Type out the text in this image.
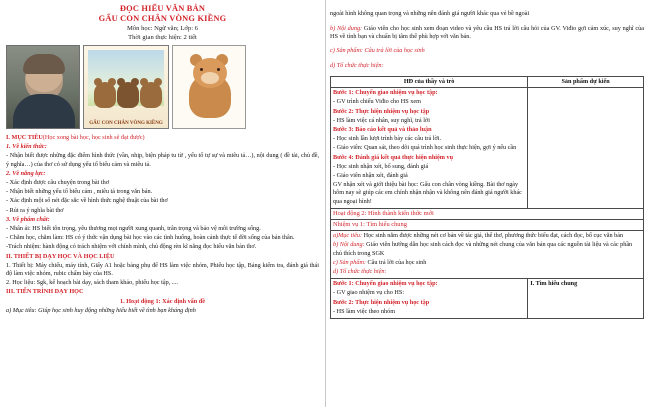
ĐỌC HIỂU VĂN BẢN
GẤU CON CHÂN VÒNG KIỀNG
Môn học: Ngữ văn; Lớp: 6
Thời gian thực hiện: 2 tiết
GẤU CON CHÂN VÒNG KIỀNG

I. MỤC TIÊU(Học xong bài học, học sinh sẽ đạt được)

1. Về kiến thức:

- Nhận biết được những đặc điểm hình thức (vần, nhịp, biện pháp tu từ , yếu tố tự sự và miêu tả…), nội dung ( đề tài, chủ đề, ý nghĩa…) của thơ có sử dụng yếu tố biểu cảm và miêu tả.

2. Về năng lực:

- Xác định được câu chuyện trong bài thơ

- Nhận biết những yếu tố biểu cảm , miêu tả trong văn bản.

- Xác định một số nét đặc sắc về hình thức nghệ thuật của bài thơ

- Rút ra ý nghĩa bài thơ

3. Về phẩm chất:

- Nhân ái: HS biết tôn trọng, yêu thương mọi người xung quanh, trân trọng và bảo vệ môi trường sống.

- Chăm học, chăm làm: HS có ý thức vận dụng bài học vào các tình huống, hoàn cảnh thực tế đời sống của bản thân.

-Trách nhiệm: hành động có trách nhiệm với chính mình, chủ động rèn kĩ năng đọc hiểu văn bản thơ.

II. THIẾT BỊ DẠY HỌC VÀ HỌC LIỆU

1. Thiết bị: Máy chiếu, máy tính, Giấy A1 hoặc bảng phụ để HS làm việc nhóm, Phiếu học tập, Bảng kiểm tra, đánh giá thái độ làm việc nhóm, rubic chấm bày của HS.

2. Học liệu: Sgk, kế hoạch bài dạy, sách tham khảo, phiếu học tập, ....

III. TIẾN TRÌNH DẠY HỌC

1. Hoạt động 1: Xác định vấn đề

a) Mục tiêu: Giúp học sinh huy động những hiểu biết về tình bạn kháng định

ngoài hình không quan trọng và những nên đánh giá người khác qua vẻ bề ngoài

b) Nội dung: Giáo viên cho học sinh xem đoạn video và yêu cầu HS trả lời câu hỏi của GV. Viđio gợi cảm xúc, suy nghĩ của HS về tình bạn và chuẩn bị tâm thế phù hợp với văn bản.

c) Sản phẩm: Câu trả lời của học sinh

d) Tổ chức thực hiện:

HĐ của thầy và trò	Sản phẩm dự kiến

Bước 1: Chuyển giao nhiệm vụ học tập:

- GV trình chiếu Viđio cho HS xem

Bước 2: Thực hiện nhiệm vụ học tập

- HS làm việc cá nhân, suy nghĩ, trả lời

Bước 3: Báo cáo kết quả và thảo luận

- Học sinh lần lượt trình bày các câu trả lời.

- Giáo viên: Quan sát, theo dõi quá trình học sinh thực hiện, gợi ý nếu cần

Bước 4: Đánh giá kết quả thực hiện nhiệm vụ

- Học sinh nhận xét, bổ sung, đánh giá

- Giáo viên nhận xét, đánh giá

GV nhận xét và giới thiệu bài học: Gấu con chân vòng kiềng. Bài thơ ngày hôm nay sẽ giúp các em chính nhận nhận và không nên đánh giá người khác qua ngoại hình!

Hoạt động 2: Hình thành kiến thức mới	
Nhiệm vụ 1: Tìm hiểu chung	

a)Mục tiêu: Học sinh nắm được những nét cơ bản về tác giả, thể thơ, phương thức biểu đạt, cách đọc, bố cục văn bản

b) Nội dung: Giáo viên hướng dẫn học sinh cách đọc và những nét chung của văn bản qua các nguồn tài liệu và các phần chú thích trong SGK

c) Sản phẩm: Câu trả lời của học sinh

d) Tổ chức thực hiện:	

Bước 1: Chuyển giao nhiệm vụ học tập:

- GV giao nhiệm vụ cho HS:

Bước 2: Thực hiện nhiệm vụ học tập

- HS làm việc theo nhóm	I. Tìm hiểu chung
